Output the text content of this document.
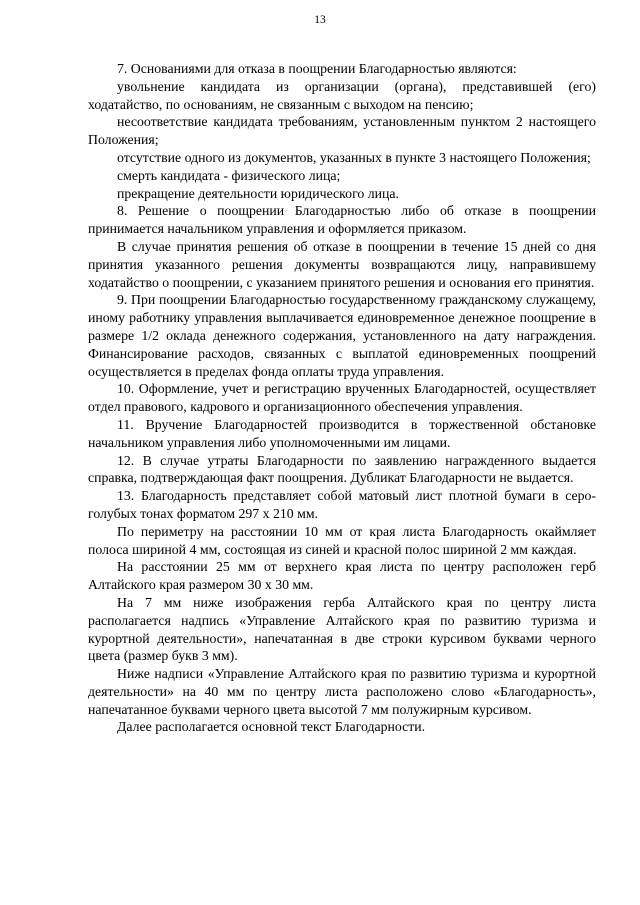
13

7. Основаниями для отказа в поощрении Благодарностью являются:

увольнение кандидата из организации (органа), представившей (его) ходатайство, по основаниям, не связанным с выходом на пенсию;

несоответствие кандидата требованиям, установленным пунктом 2 настоящего Положения;

отсутствие одного из документов, указанных в пункте 3 настоящего Положения;

смерть кандидата - физического лица;

прекращение деятельности юридического лица.

8. Решение о поощрении Благодарностью либо об отказе в поощрении принимается начальником управления и оформляется приказом.

В случае принятия решения об отказе в поощрении в течение 15 дней со дня принятия указанного решения документы возвращаются лицу, направившему ходатайство о поощрении, с указанием принятого решения и основания его принятия.

9. При поощрении Благодарностью государственному гражданскому служащему, иному работнику управления выплачивается единовременное денежное поощрение в размере 1/2 оклада денежного содержания, установленного на дату награждения. Финансирование расходов, связанных с выплатой единовременных поощрений осуществляется в пределах фонда оплаты труда управления.

10. Оформление, учет и регистрацию врученных Благодарностей, осуществляет отдел правового, кадрового и организационного обеспечения управления.

11. Вручение Благодарностей производится в торжественной обстановке начальником управления либо уполномоченными им лицами.

12. В случае утраты Благодарности по заявлению награжденного выдается справка, подтверждающая факт поощрения. Дубликат Благодарности не выдается.

13. Благодарность представляет собой матовый лист плотной бумаги в серо-голубых тонах форматом 297 x 210 мм.

По периметру на расстоянии 10 мм от края листа Благодарность окаймляет полоса шириной 4 мм, состоящая из синей и красной полос шириной 2 мм каждая.

На расстоянии 25 мм от верхнего края листа по центру расположен герб Алтайского края размером 30 x 30 мм.

На 7 мм ниже изображения герба Алтайского края по центру листа располагается надпись «Управление Алтайского края по развитию туризма и курортной деятельности», напечатанная в две строки курсивом буквами черного цвета (размер букв 3 мм).

Ниже надписи «Управление Алтайского края по развитию туризма и курортной деятельности» на 40 мм по центру листа расположено слово «Благодарность», напечатанное буквами черного цвета высотой 7 мм полужирным курсивом.

Далее располагается основной текст Благодарности.
